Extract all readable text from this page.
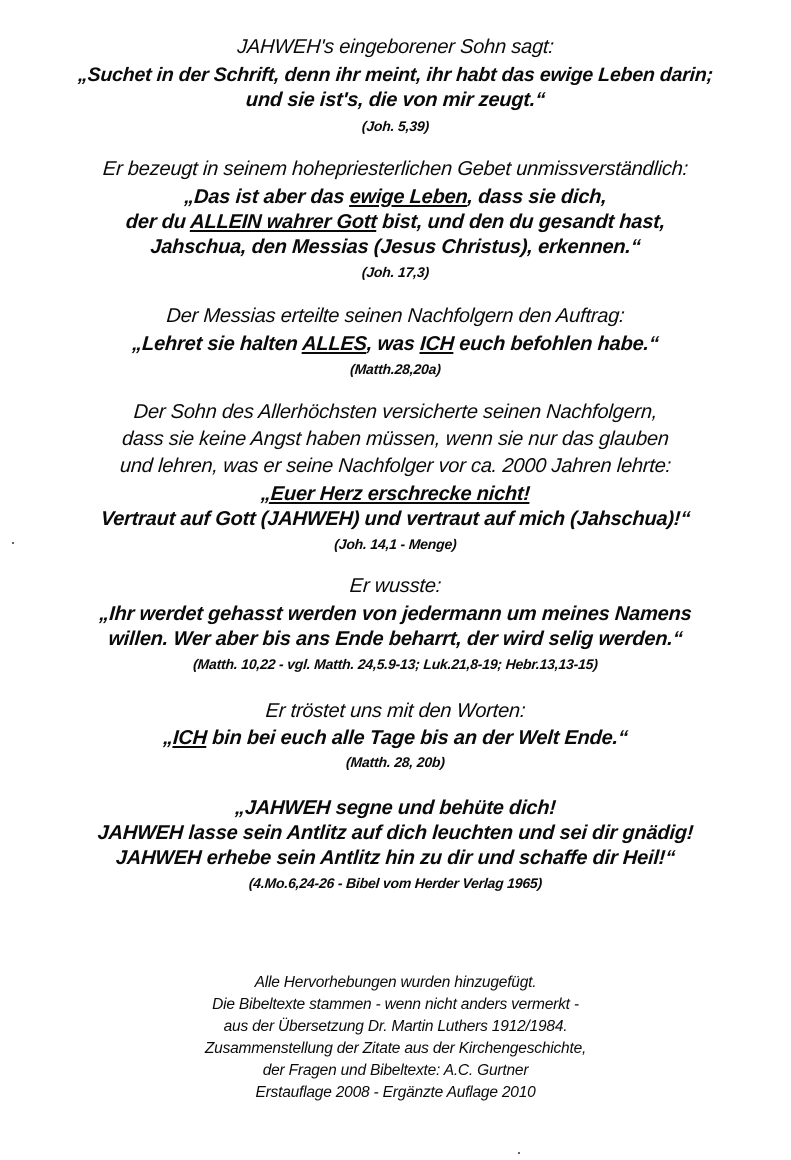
JAHWEH's eingeborener Sohn sagt:
„Suchet in der Schrift, denn ihr meint, ihr habt das ewige Leben darin;
und sie ist's, die von mir zeugt.“
(Joh. 5,39)
Er bezeugt in seinem hohepriesterlichen Gebet unmissverständlich:
„Das ist aber das ewige Leben, dass sie dich,
der du ALLEIN wahrer Gott bist, und den du gesandt hast,
Jahschua, den Messias (Jesus Christus), erkennen.“
(Joh. 17,3)
Der Messias erteilte seinen Nachfolgern den Auftrag:
„Lehret sie halten ALLES, was ICH euch befohlen habe.“
(Matth.28,20a)
Der Sohn des Allerhöchsten versicherte seinen Nachfolgern,
dass sie keine Angst haben müssen, wenn sie nur das glauben
und lehren, was er seine Nachfolger vor ca. 2000 Jahren lehrte:
„Euer Herz erschrecke nicht!
Vertraut auf Gott (JAHWEH) und vertraut auf mich (Jahschua)!“
(Joh. 14,1 - Menge)
Er wusste:
„Ihr werdet gehasst werden von jedermann um meines Namens
willen. Wer aber bis ans Ende beharrt, der wird selig werden.“
(Matth. 10,22 - vgl. Matth. 24,5.9-13; Luk.21,8-19; Hebr.13,13-15)
Er tröstet uns mit den Worten:
„ICH bin bei euch alle Tage bis an der Welt Ende.“
(Matth. 28, 20b)
„JAHWEH segne und behüte dich!
JAHWEH lasse sein Antlitz auf dich leuchten und sei dir gnädig!
JAHWEH erhebe sein Antlitz hin zu dir und schaffe dir Heil!“
(4.Mo.6,24-26 - Bibel vom Herder Verlag 1965)
Alle Hervorhebungen wurden hinzugefügt.
Die Bibeltexte stammen - wenn nicht anders vermerkt -
aus der Übersetzung Dr. Martin Luthers 1912/1984.
Zusammenstellung der Zitate aus der Kirchengeschichte,
der Fragen und Bibeltexte: A.C. Gurtner
Erstauflage 2008 - Ergänzte Auflage 2010
